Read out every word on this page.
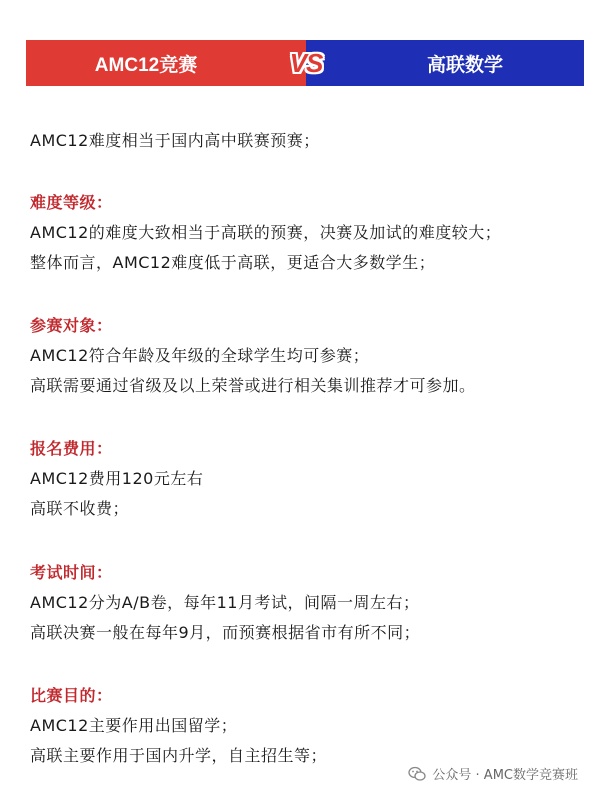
AMC12竞赛	高联数学
VS
AMC12难度相当于国内高中联赛预赛；
难度等级：
AMC12的难度大致相当于高联的预赛，决赛及加试的难度较大；
整体而言，AMC12难度低于高联，更适合大多数学生；
参赛对象：
AMC12符合年龄及年级的全球学生均可参赛；
高联需要通过省级及以上荣誉或进行相关集训推荐才可参加。
报名费用：
AMC12费用120元左右
高联不收费；
考试时间：
AMC12分为A/B卷，每年11月考试，间隔一周左右；
高联决赛一般在每年9月，而预赛根据省市有所不同；
比赛目的：
AMC12主要作用出国留学；
高联主要作用于国内升学，自主招生等；
公众号 · AMC数学竞赛班
